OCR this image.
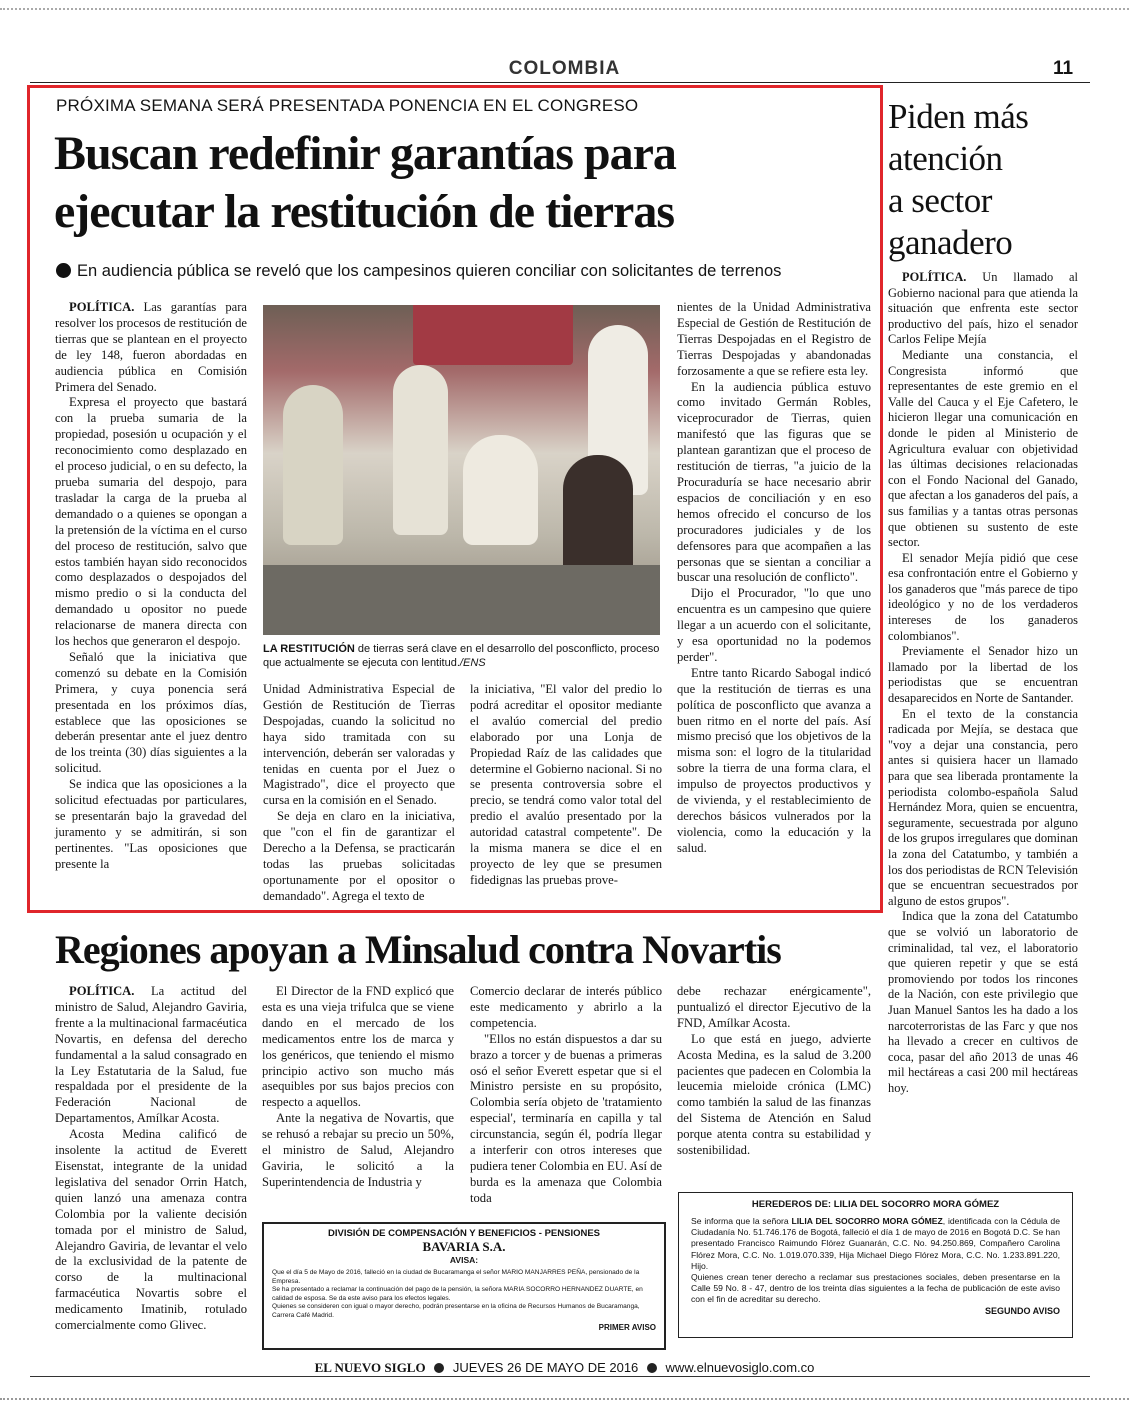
COLOMBIA	11
PRÓXIMA SEMANA SERÁ PRESENTADA PONENCIA EN EL CONGRESO
Buscan redefinir garantías para
ejecutar la restitución de tierras
En audiencia pública se reveló que los campesinos quieren conciliar con solicitantes de terrenos

POLÍTICA. Las garantías para resolver los procesos de restitución de tierras que se plantean en el proyecto de ley 148, fueron abordadas en audiencia pública en Comisión Primera del Senado.

Expresa el proyecto que bastará con la prueba sumaria de la propiedad, posesión u ocupación y el reconocimiento como desplazado en el proceso judicial, o en su defecto, la prueba sumaria del despojo, para trasladar la carga de la prueba al demandado o a quienes se opongan a la pretensión de la víctima en el curso del proceso de restitución, salvo que estos también hayan sido reconocidos como desplazados o despojados del mismo predio o si la conducta del demandado u opositor no puede relacionarse de manera directa con los hechos que generaron el despojo.

Señaló que la iniciativa que comenzó su debate en la Comisión Primera, y cuya ponencia será presentada en los próximos días, establece que las oposiciones se deberán presentar ante el juez dentro de los treinta (30) días siguientes a la solicitud.

Se indica que las oposiciones a la solicitud efectuadas por particulares, se presentarán bajo la gravedad del juramento y se admitirán, si son pertinentes. "Las oposiciones que presente la

LA RESTITUCIÓN de tierras será clave en el desarrollo del posconflicto, proceso que actualmente se ejecuta con lentitud./ENS

Unidad Administrativa Especial de Gestión de Restitución de Tierras Despojadas, cuando la solicitud no haya sido tramitada con su intervención, deberán ser valoradas y tenidas en cuenta por el Juez o Magistrado", dice el proyecto que cursa en la comisión en el Senado.

Se deja en claro en la iniciativa, que "con el fin de garantizar el Derecho a la Defensa, se practicarán todas las pruebas solicitadas oportunamente por el opositor o demandado". Agrega el texto de

la iniciativa, "El valor del predio lo podrá acreditar el opositor mediante el avalúo comercial del predio elaborado por una Lonja de Propiedad Raíz de las calidades que determine el Gobierno nacional. Si no se presenta controversia sobre el precio, se tendrá como valor total del predio el avalúo presentado por la autoridad catastral competente". De la misma manera se dice el en proyecto de ley que se presumen fidedignas las pruebas prove-

nientes de la Unidad Administrativa Especial de Gestión de Restitución de Tierras Despojadas en el Registro de Tierras Despojadas y abandonadas forzosamente a que se refiere esta ley.

En la audiencia pública estuvo como invitado Germán Robles, viceprocurador de Tierras, quien manifestó que las figuras que se plantean garantizan que el proceso de restitución de tierras, "a juicio de la Procuraduría se hace necesario abrir espacios de conciliación y en eso hemos ofrecido el concurso de los procuradores judiciales y de los defensores para que acompañen a las personas que se sientan a conciliar a buscar una resolución de conflicto".

Dijo el Procurador, "lo que uno encuentra es un campesino que quiere llegar a un acuerdo con el solicitante, y esa oportunidad no la podemos perder".

Entre tanto Ricardo Sabogal indicó que la restitución de tierras es una política de posconflicto que avanza a buen ritmo en el norte del país. Así mismo precisó que los objetivos de la misma son: el logro de la titularidad sobre la tierra de una forma clara, el impulso de proyectos productivos y de vivienda, y el restablecimiento de derechos básicos vulnerados por la violencia, como la educación y la salud.

Piden más
atención
a sector
ganadero

POLÍTICA. Un llamado al Gobierno nacional para que atienda la situación que enfrenta este sector productivo del país, hizo el senador Carlos Felipe Mejía

Mediante una constancia, el Congresista informó que representantes de este gremio en el Valle del Cauca y el Eje Cafetero, le hicieron llegar una comunicación en donde le piden al Ministerio de Agricultura evaluar con objetividad las últimas decisiones relacionadas con el Fondo Nacional del Ganado, que afectan a los ganaderos del país, a sus familias y a tantas otras personas que obtienen su sustento de este sector.

El senador Mejía pidió que cese esa confrontación entre el Gobierno y los ganaderos que "más parece de tipo ideológico y no de los verdaderos intereses de los ganaderos colombianos".

Previamente el Senador hizo un llamado por la libertad de los periodistas que se encuentran desaparecidos en Norte de Santander.

En el texto de la constancia radicada por Mejía, se destaca que "voy a dejar una constancia, pero antes si quisiera hacer un llamado para que sea liberada prontamente la periodista colombo-española Salud Hernández Mora, quien se encuentra, seguramente, secuestrada por alguno de los grupos irregulares que dominan la zona del Catatumbo, y también a los dos periodistas de RCN Televisión que se encuentran secuestrados por alguno de estos grupos".

Indica que la zona del Catatumbo que se volvió un laboratorio de criminalidad, tal vez, el laboratorio que quieren repetir y que se está promoviendo por todos los rincones de la Nación, con este privilegio que Juan Manuel Santos les ha dado a los narcoterroristas de las Farc y que nos ha llevado a crecer en cultivos de coca, pasar del año 2013 de unas 46 mil hectáreas a casi 200 mil hectáreas hoy.

Regiones apoyan a Minsalud contra Novartis

POLÍTICA. La actitud del ministro de Salud, Alejandro Gaviria, frente a la multinacional farmacéutica Novartis, en defensa del derecho fundamental a la salud consagrado en la Ley Estatutaria de la Salud, fue respaldada por el presidente de la Federación Nacional de Departamentos, Amílkar Acosta.

Acosta Medina calificó de insolente la actitud de Everett Eisenstat, integrante de la unidad legislativa del senador Orrin Hatch, quien lanzó una amenaza contra Colombia por la valiente decisión tomada por el ministro de Salud, Alejandro Gaviria, de levantar el velo de la exclusividad de la patente de corso de la multinacional farmacéutica Novartis sobre el medicamento Imatinib, rotulado comercialmente como Glivec.

El Director de la FND explicó que esta es una vieja trifulca que se viene dando en el mercado de los medicamentos entre los de marca y los genéricos, que teniendo el mismo principio activo son mucho más asequibles por sus bajos precios con respecto a aquellos.

Ante la negativa de Novartis, que se rehusó a rebajar su precio un 50%, el ministro de Salud, Alejandro Gaviria, le solicitó a la Superintendencia de Industria y

Comercio declarar de interés público este medicamento y abrirlo a la competencia.

"Ellos no están dispuestos a dar su brazo a torcer y de buenas a primeras osó el señor Everett espetar que si el Ministro persiste en su propósito, Colombia sería objeto de 'tratamiento especial', terminaría en capilla y tal circunstancia, según él, podría llegar a interferir con otros intereses que pudiera tener Colombia en EU. Así de burda es la amenaza que Colombia toda

debe rechazar enérgicamente", puntualizó el director Ejecutivo de la FND, Amílkar Acosta.

Lo que está en juego, advierte Acosta Medina, es la salud de 3.200 pacientes que padecen en Colombia la leucemia mieloide crónica (LMC) como también la salud de las finanzas del Sistema de Atención en Salud porque atenta contra su estabilidad y sostenibilidad.

DIVISIÓN DE COMPENSACIÓN Y BENEFICIOS - PENSIONES
BAVARIA S.A.
AVISA:
Que el día 5 de Mayo de 2016, falleció en la ciudad de Bucaramanga el señor MARIO MANJARRES PEÑA, pensionado de la Empresa.
Se ha presentado a reclamar la continuación del pago de la pensión, la señora MARIA SOCORRO HERNANDEZ DUARTE, en calidad de esposa. Se da este aviso para los efectos legales.
Quienes se consideren con igual o mayor derecho, podrán presentarse en la oficina de Recursos Humanos de Bucaramanga, Carrera Café Madrid.
PRIMER AVISO
HEREDEROS DE: LILIA DEL SOCORRO MORA GÓMEZ
Se informa que la señora LILIA DEL SOCORRO MORA GÓMEZ, identificada con la Cédula de Ciudadanía No. 51.746.176 de Bogotá, falleció el día 1 de mayo de 2016 en Bogotá D.C. Se han presentado Francisco Raimundo Flórez Guanarán, C.C. No. 94.250.869, Compañero Carolina Flórez Mora, C.C. No. 1.019.070.339, Hija Michael Diego Flórez Mora, C.C. No. 1.233.891.220, Hijo.
Quienes crean tener derecho a reclamar sus prestaciones sociales, deben presentarse en la Calle 59 No. 8 - 47, dentro de los treinta días siguientes a la fecha de publicación de este aviso con el fin de acreditar su derecho.
SEGUNDO AVISO
EL NUEVO SIGLO JUEVES 26 DE MAYO DE 2016 www.elnuevosiglo.com.co
